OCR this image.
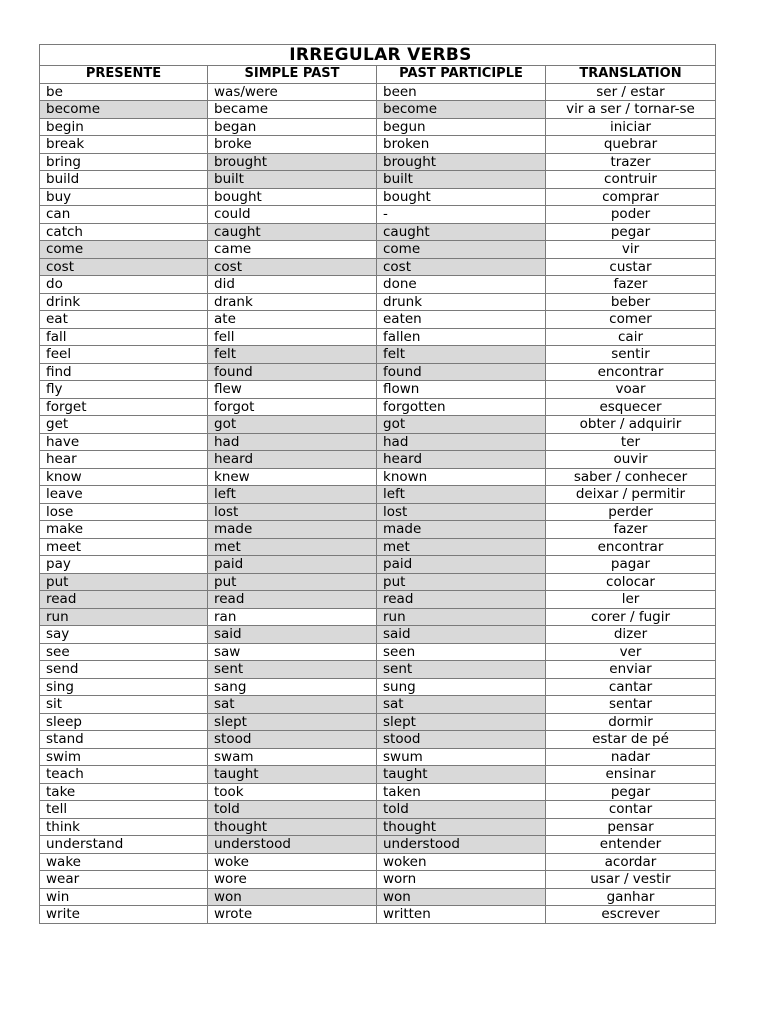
IRREGULAR VERBS			
PRESENTE	SIMPLE PAST	PAST PARTICIPLE	TRANSLATION
be	was/were	been	ser / estar
become	became	become	vir a ser / tornar-se
begin	began	begun	iniciar
break	broke	broken	quebrar
bring	brought	brought	trazer
build	built	built	contruir
buy	bought	bought	comprar
can	could	-	poder
catch	caught	caught	pegar
come	came	come	vir
cost	cost	cost	custar
do	did	done	fazer
drink	drank	drunk	beber
eat	ate	eaten	comer
fall	fell	fallen	cair
feel	felt	felt	sentir
find	found	found	encontrar
fly	flew	flown	voar
forget	forgot	forgotten	esquecer
get	got	got	obter / adquirir
have	had	had	ter
hear	heard	heard	ouvir
know	knew	known	saber / conhecer
leave	left	left	deixar / permitir
lose	lost	lost	perder
make	made	made	fazer
meet	met	met	encontrar
pay	paid	paid	pagar
put	put	put	colocar
read	read	read	ler
run	ran	run	corer / fugir
say	said	said	dizer
see	saw	seen	ver
send	sent	sent	enviar
sing	sang	sung	cantar
sit	sat	sat	sentar
sleep	slept	slept	dormir
stand	stood	stood	estar de pé
swim	swam	swum	nadar
teach	taught	taught	ensinar
take	took	taken	pegar
tell	told	told	contar
think	thought	thought	pensar
understand	understood	understood	entender
wake	woke	woken	acordar
wear	wore	worn	usar / vestir
win	won	won	ganhar
write	wrote	written	escrever
